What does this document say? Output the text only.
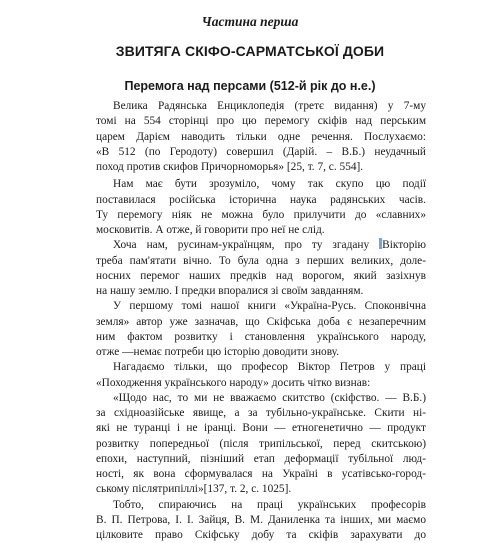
Частина перша
ЗВИТЯГА СКІФО-САРМАТСЬКОЇ ДОБИ
Перемога над персами (512-й рік до н.е.)
Велика Радянська Енциклопедія (третє видання) у 7-му
томі на 554 сторінці про цю перемогу скіфів над перським
царем Дарієм наводить тільки одне речення. Послухаємо:
«В 512 (по Геродоту) совершил (Дарій. – В.Б.) неудачный
поход против скифов Причорноморья» [25, т. 7, с. 554].
Нам має бути зрозуміло, чому так скупо цю події
поставилася російська історична наука радянських часів.
Ту перемогу ніяк не можна було прилучити до «славних»
московитів. А отже, й говорити про неї не слід.
Хоча нам, русинам-українцям, про ту згадану Вікторію
треба пам'ятати вічно. То була одна з перших великих, доле-
носних перемог наших предків над ворогом, який зазіхнув
на нашу землю. І предки впоралися зі своїм завданням.
У першому томі нашої книги «Україна-Русь. Споконвічна
земля» автор уже зазначав, що Скіфська доба є незаперечним
ним фактом розвитку і становлення українського народу,
отже —немає потреби цю історію доводити знову.
Нагадаємо тільки, що професор Віктор Петров у праці
«Походження українського народу» досить чітко визнав:
«Щодо нас, то ми не вважаємо скитство (скіфство. — В.Б.)
за східноазійське явище, а за тубільно-українське. Скити ні-
які не туранці і не іранці. Вони — етногенетично — продукт
розвитку попередньої (після трипільської, перед скитською)
епохи, наступний, пізніший етап деформації тубільної люд-
ності, як вона сформувалася на Україні в усатівсько-город-
ському післятрипіллі»[137, т. 2, с. 1025].
Тобто, спираючись на праці українських професорів
В. П. Петрова, І. І. Зайця, В. М. Даниленка та інших, ми маємо
цілковите право Скіфську добу та скіфів зарахувати до
